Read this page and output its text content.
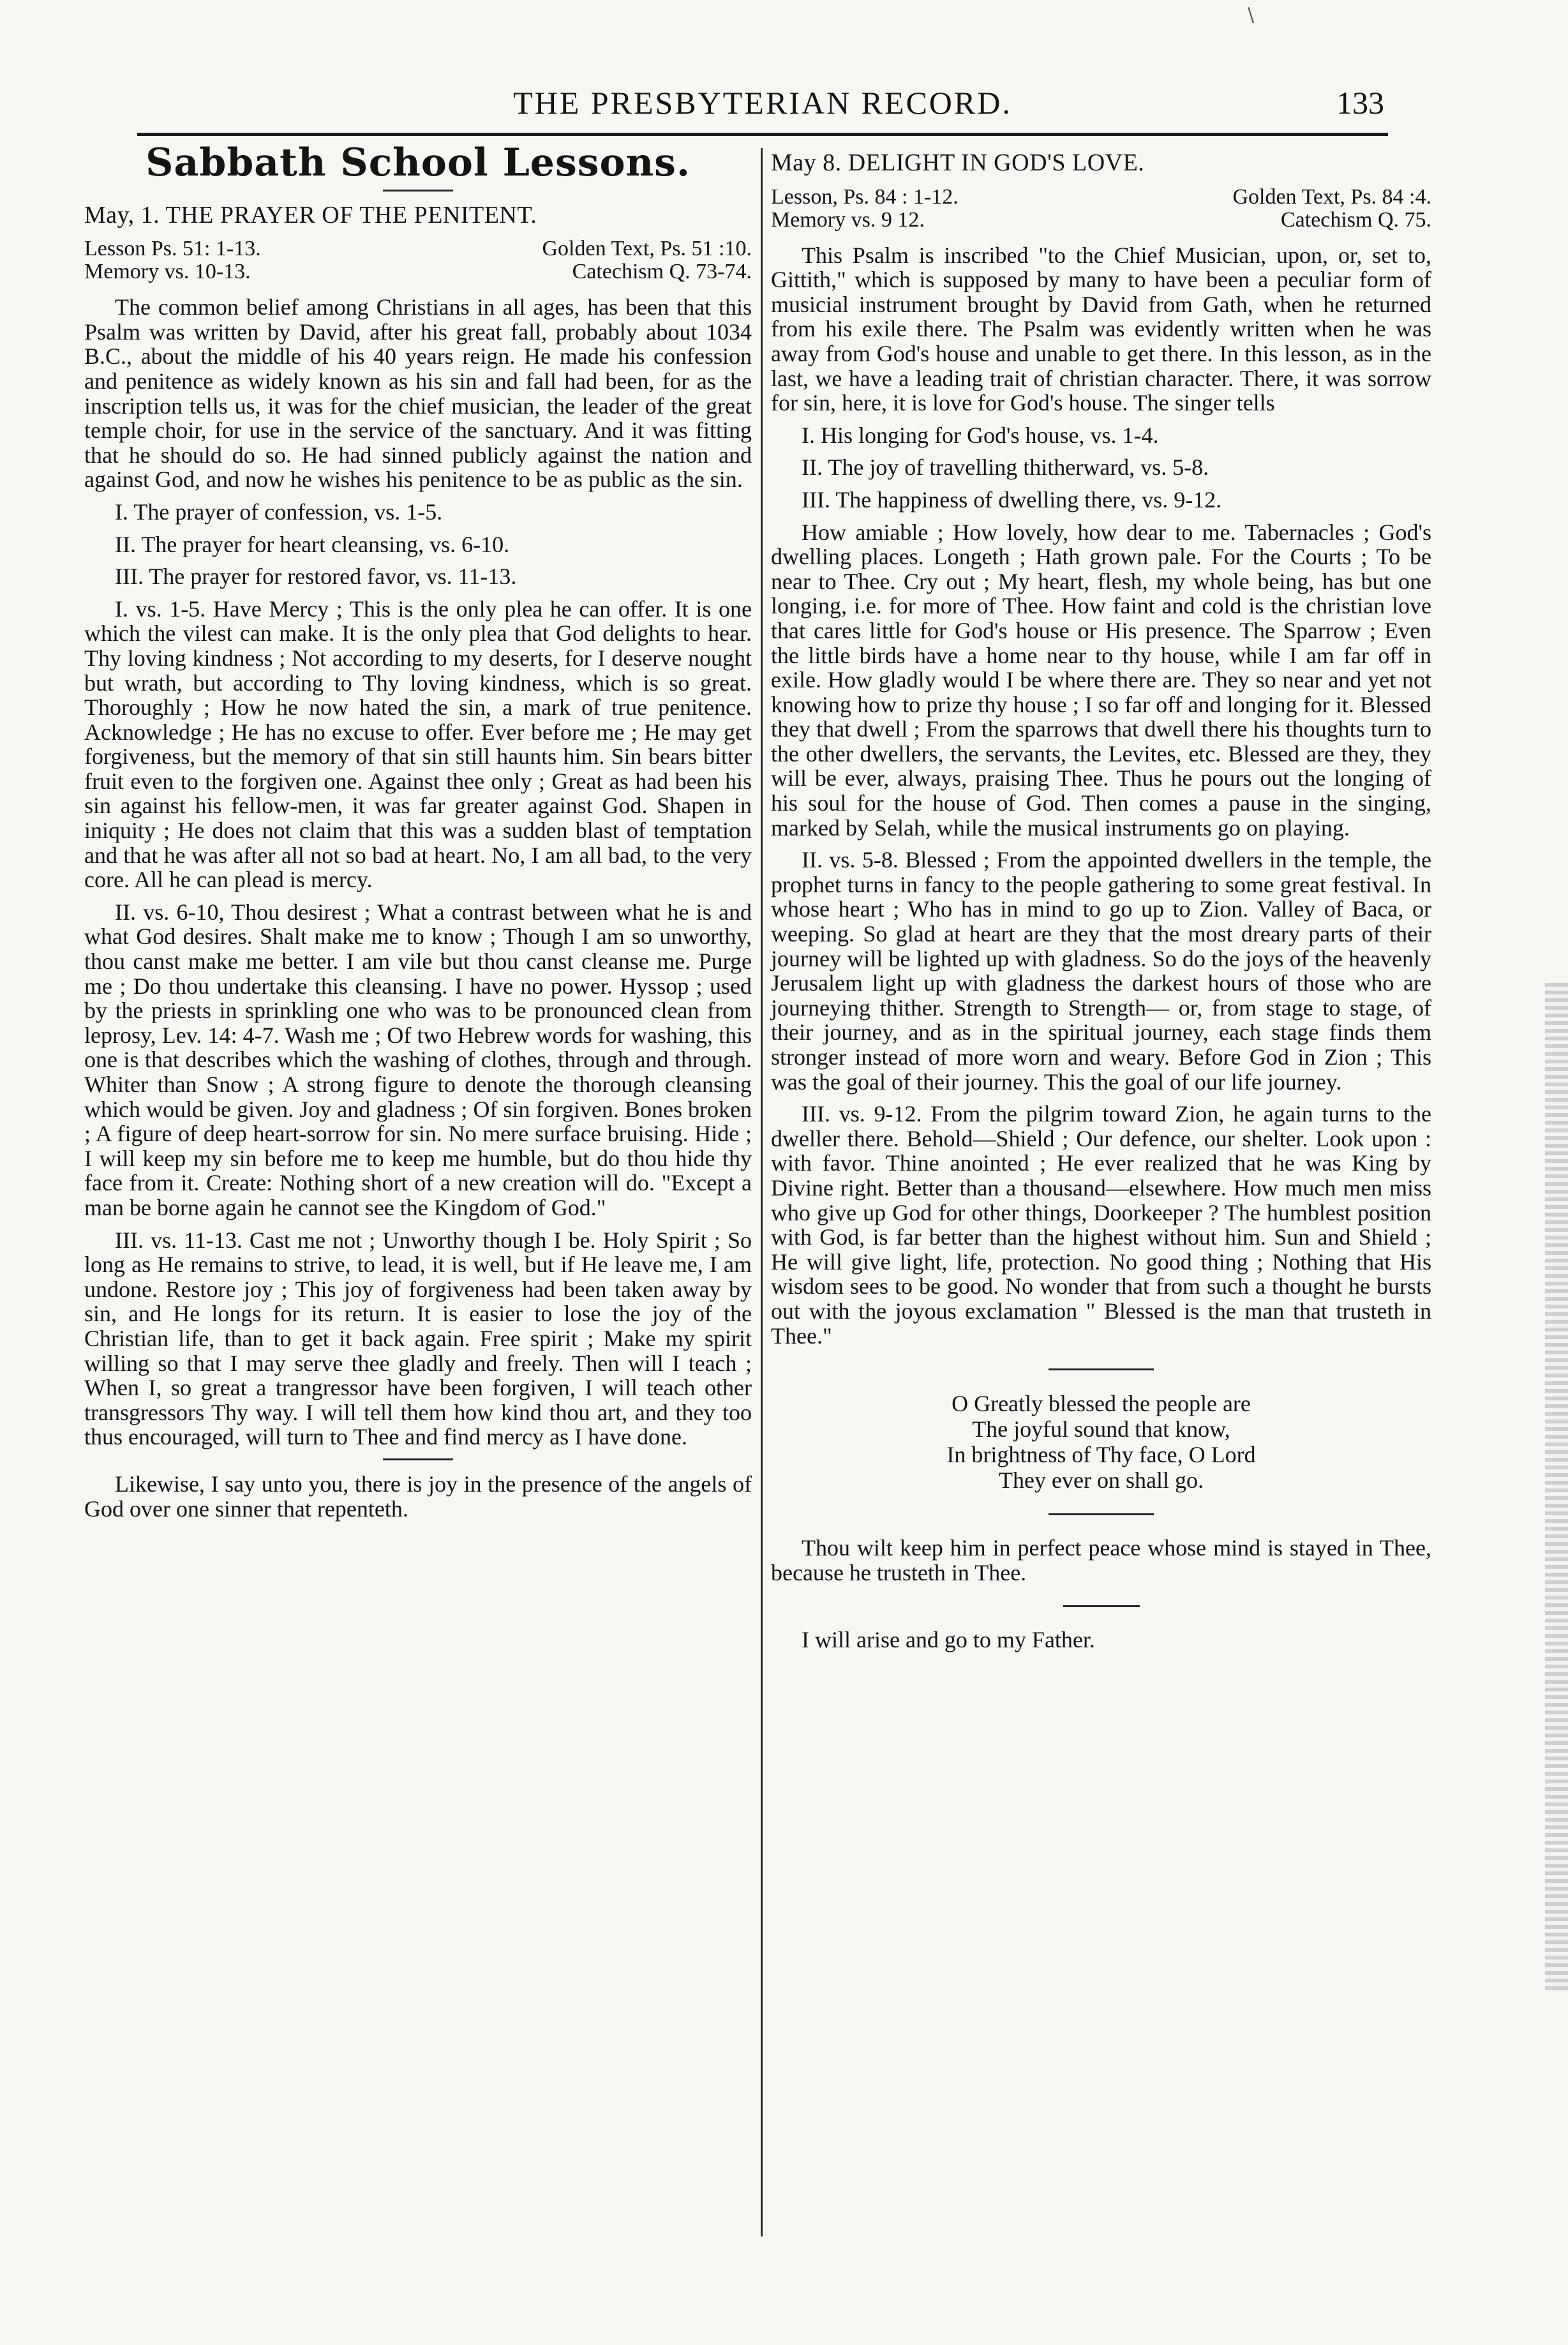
\
THE PRESBYTERIAN RECORD.	133
Sabbath School Lessons.
May, 1. THE PRAYER OF THE PENITENT.
Lesson Ps. 51: 1-13.	Golden Text, Ps. 51 :10.
Memory vs. 10-13.	Catechism Q. 73-74.

The common belief among Christians in all ages, has been that this Psalm was written by David, after his great fall, probably about 1034 B.C., about the middle of his 40 years reign. He made his confession and penitence as widely known as his sin and fall had been, for as the inscription tells us, it was for the chief musician, the leader of the great temple choir, for use in the service of the sanctuary. And it was fitting that he should do so. He had sinned publicly against the nation and against God, and now he wishes his penitence to be as public as the sin.

I. The prayer of confession, vs. 1-5.
II. The prayer for heart cleansing, vs. 6-10.
III. The prayer for restored favor, vs. 11-13.

I. vs. 1-5. Have Mercy ; This is the only plea he can offer. It is one which the vilest can make. It is the only plea that God delights to hear. Thy loving kindness ; Not according to my deserts, for I deserve nought but wrath, but according to Thy loving kindness, which is so great. Thoroughly ; How he now hated the sin, a mark of true penitence. Acknowledge ; He has no excuse to offer. Ever before me ; He may get forgiveness, but the memory of that sin still haunts him. Sin bears bitter fruit even to the forgiven one. Against thee only ; Great as had been his sin against his fellow-men, it was far greater against God. Shapen in iniquity ; He does not claim that this was a sudden blast of temptation and that he was after all not so bad at heart. No, I am all bad, to the very core. All he can plead is mercy.

II. vs. 6-10, Thou desirest ; What a contrast between what he is and what God desires. Shalt make me to know ; Though I am so unworthy, thou canst make me better. I am vile but thou canst cleanse me. Purge me ; Do thou undertake this cleansing. I have no power. Hyssop ; used by the priests in sprinkling one who was to be pronounced clean from leprosy, Lev. 14: 4-7. Wash me ; Of two Hebrew words for washing, this one is that describes which the washing of clothes, through and through. Whiter than Snow ; A strong figure to denote the thorough cleansing which would be given. Joy and gladness ; Of sin forgiven. Bones broken ; A figure of deep heart-sorrow for sin. No mere surface bruising. Hide ; I will keep my sin before me to keep me humble, but do thou hide thy face from it. Create: Nothing short of a new creation will do. "Except a man be borne again he cannot see the Kingdom of God."

III. vs. 11-13. Cast me not ; Unworthy though I be. Holy Spirit ; So long as He remains to strive, to lead, it is well, but if He leave me, I am undone. Restore joy ; This joy of forgiveness had been taken away by sin, and He longs for its return. It is easier to lose the joy of the Christian life, than to get it back again. Free spirit ; Make my spirit willing so that I may serve thee gladly and freely. Then will I teach ; When I, so great a trangressor have been forgiven, I will teach other transgressors Thy way. I will tell them how kind thou art, and they too thus encouraged, will turn to Thee and find mercy as I have done.

Likewise, I say unto you, there is joy in the presence of the angels of God over one sinner that repenteth.

May 8. DELIGHT IN GOD'S LOVE.
Lesson, Ps. 84 : 1-12.	Golden Text, Ps. 84 :4.
Memory vs. 9 12.	Catechism Q. 75.

This Psalm is inscribed "to the Chief Musician, upon, or, set to, Gittith," which is supposed by many to have been a peculiar form of musicial instrument brought by David from Gath, when he returned from his exile there. The Psalm was evidently written when he was away from God's house and unable to get there. In this lesson, as in the last, we have a leading trait of christian character. There, it was sorrow for sin, here, it is love for God's house. The singer tells

I. His longing for God's house, vs. 1-4.
II. The joy of travelling thitherward, vs. 5-8.
III. The happiness of dwelling there, vs. 9-12.

How amiable ; How lovely, how dear to me. Tabernacles ; God's dwelling places. Longeth ; Hath grown pale. For the Courts ; To be near to Thee. Cry out ; My heart, flesh, my whole being, has but one longing, i.e. for more of Thee. How faint and cold is the christian love that cares little for God's house or His presence. The Sparrow ; Even the little birds have a home near to thy house, while I am far off in exile. How gladly would I be where there are. They so near and yet not knowing how to prize thy house ; I so far off and longing for it. Blessed they that dwell ; From the sparrows that dwell there his thoughts turn to the other dwellers, the servants, the Levites, etc. Blessed are they, they will be ever, always, praising Thee. Thus he pours out the longing of his soul for the house of God. Then comes a pause in the singing, marked by Selah, while the musical instruments go on playing.

II. vs. 5-8. Blessed ; From the appointed dwellers in the temple, the prophet turns in fancy to the people gathering to some great festival. In whose heart ; Who has in mind to go up to Zion. Valley of Baca, or weeping. So glad at heart are they that the most dreary parts of their journey will be lighted up with gladness. So do the joys of the heavenly Jerusalem light up with gladness the darkest hours of those who are journeying thither. Strength to Strength— or, from stage to stage, of their journey, and as in the spiritual journey, each stage finds them stronger instead of more worn and weary. Before God in Zion ; This was the goal of their journey. This the goal of our life journey.

III. vs. 9-12. From the pilgrim toward Zion, he again turns to the dweller there. Behold—Shield ; Our defence, our shelter. Look upon : with favor. Thine anointed ; He ever realized that he was King by Divine right. Better than a thousand—elsewhere. How much men miss who give up God for other things, Doorkeeper ? The humblest position with God, is far better than the highest without him. Sun and Shield ; He will give light, life, protection. No good thing ; Nothing that His wisdom sees to be good. No wonder that from such a thought he bursts out with the joyous exclamation " Blessed is the man that trusteth in Thee."

O Greatly blessed the people are
The joyful sound that know,
In brightness of Thy face, O Lord
They ever on shall go.

Thou wilt keep him in perfect peace whose mind is stayed in Thee, because he trusteth in Thee.

I will arise and go to my Father.
